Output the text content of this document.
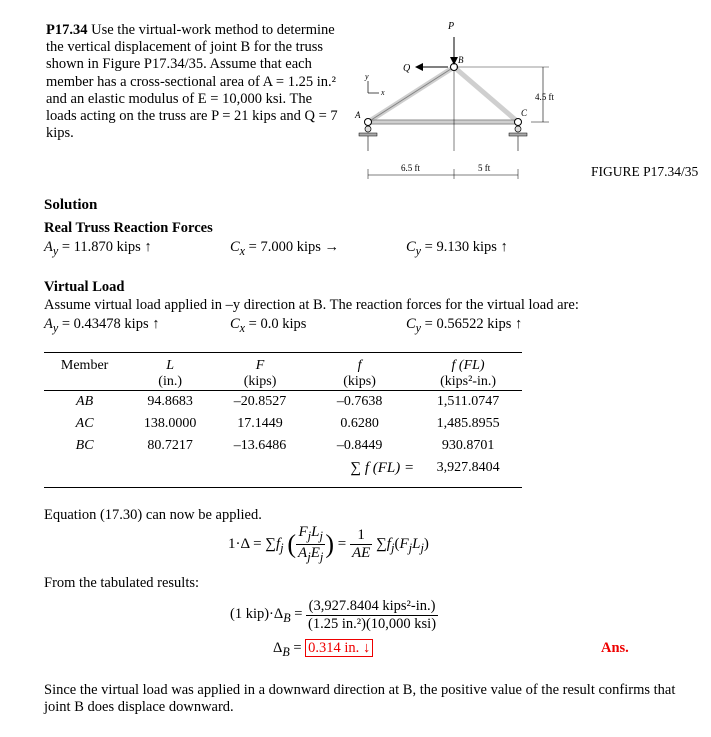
P17.34 Use the virtual-work method to determine the vertical displacement of joint B for the truss shown in Figure P17.34/35. Assume that each member has a cross-sectional area of A = 1.25 in.² and an elastic modulus of E = 10,000 ksi. The loads acting on the truss are P = 21 kips and Q = 7 kips.
6.5 ft	5 ft
4.5 ft
P
Q
B
A	C
y
x
FIGURE P17.34/35
Solution
Real Truss Reaction Forces
$A_y = 11.870$ kips ↑	$C_x = 7.000$ kips →	$C_y = 9.130$ kips ↑
Virtual Load
Assume virtual load applied in –y direction at B. The reaction forces for the virtual load are:
$A_y = 0.43478$ kips ↑	$C_x = 0.0$ kips	$C_y = 0.56522$ kips ↑
Member	L	F	f	f (FL)
	(in.)	(kips)	(kips)	(kips²-in.)
AB	94.8683	–20.8527	–0.7638	1,511.0747
AC	138.0000	17.1449	0.6280	1,485.8955
BC	80.7217	–13.6486	–0.8449	930.8701
			∑ f (FL) =	3,927.8404
Equation (17.30) can now be applied.
$1\cdot\Delta = \sum f_j$ ( $\frac{F_jL_j}{A_jE_j}$ ) = $\frac{1}{AE} \sum f_j(F_jL_j)$
From the tabulated results:
(1 $kip)\cdot\Delta_B = \frac{\text{(3,927.8404 kips²-in.)}}{\text{(1.25 in.²)(10,000 ksi)}}$
$\Delta_B = 0.314$ in. ↓	Ans.
Since the virtual load was applied in a downward direction at B, the positive value of the result confirms that joint B does displace downward.
